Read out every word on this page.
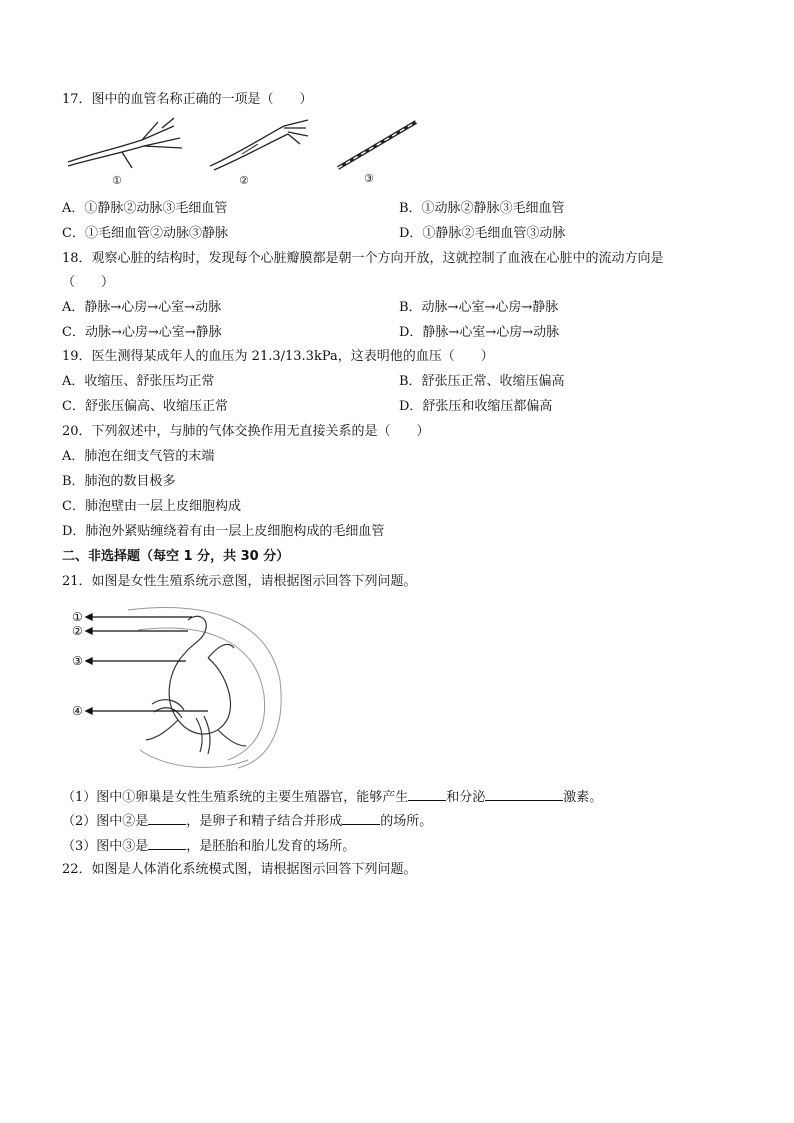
17．图中的血管名称正确的一项是（　　）
①	②	③
A．①静脉②动脉③毛细血管	B．①动脉②静脉③毛细血管
C．①毛细血管②动脉③静脉	D．①静脉②毛细血管③动脉
18．观察心脏的结构时，发现每个心脏瓣膜都是朝一个方向开放，这就控制了血液在心脏中的流动方向是
（　　）
A．静脉→心房→心室→动脉	B．动脉→心室→心房→静脉
C．动脉→心房→心室→静脉	D．静脉→心室→心房→动脉
19．医生测得某成年人的血压为 21.3/13.3kPa，这表明他的血压（　　）
A．收缩压、舒张压均正常	B．舒张压正常、收缩压偏高
C．舒张压偏高、收缩压正常	D．舒张压和收缩压都偏高
20．下列叙述中，与肺的气体交换作用无直接关系的是（　　）
A．肺泡在细支气管的末端
B．肺泡的数目极多
C．肺泡壁由一层上皮细胞构成
D．肺泡外紧贴缠绕着有由一层上皮细胞构成的毛细血管
二、非选择题（每空 1 分，共 30 分）
21．如图是女性生殖系统示意图，请根据图示回答下列问题。
①
②
③
④
（1）图中①卵巢是女性生殖系统的主要生殖器官，能够产生	和分泌	激素。
（2）图中②是	，是卵子和精子结合并形成	的场所。
（3）图中③是	，是胚胎和胎儿发育的场所。
22．如图是人体消化系统模式图，请根据图示回答下列问题。
